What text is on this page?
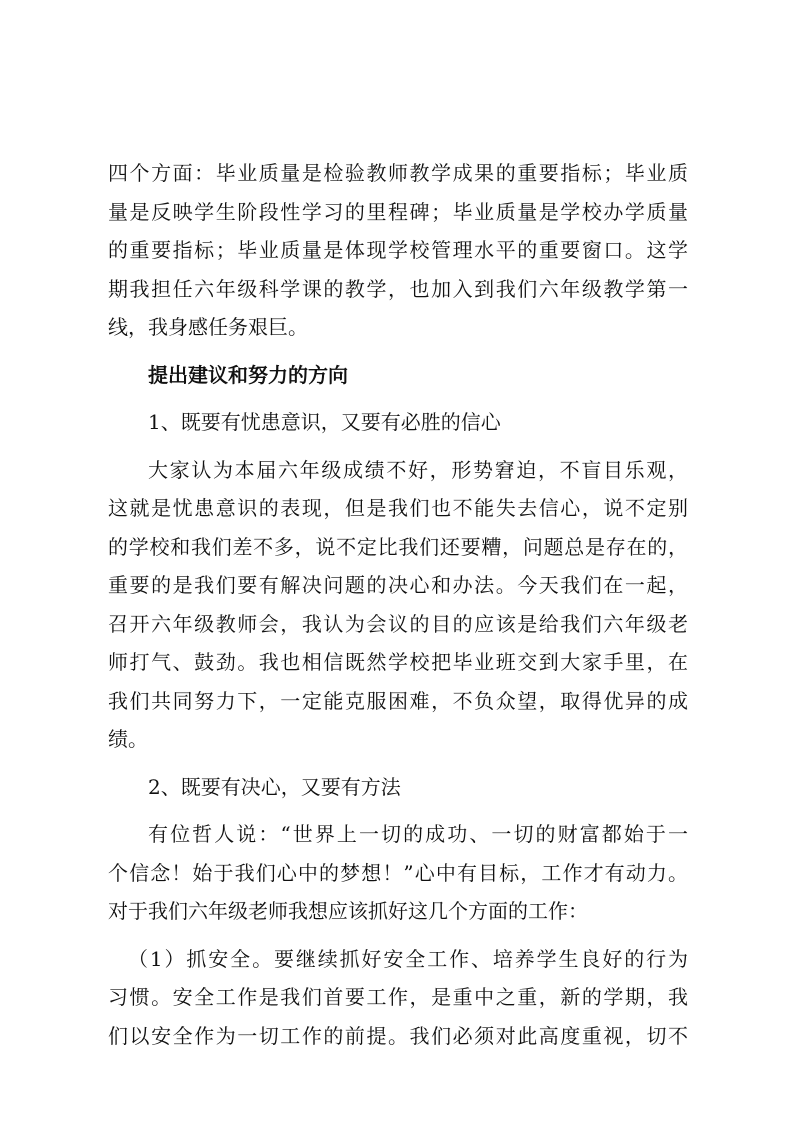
四个方面：毕业质量是检验教师教学成果的重要指标；毕业质
量是反映学生阶段性学习的里程碑；毕业质量是学校办学质量
的重要指标；毕业质量是体现学校管理水平的重要窗口。这学
期我担任六年级科学课的教学，也加入到我们六年级教学第一
线，我身感任务艰巨。
提出建议和努力的方向
1、既要有忧患意识，又要有必胜的信心
大家认为本届六年级成绩不好，形势窘迫，不盲目乐观，
这就是忧患意识的表现，但是我们也不能失去信心，说不定别
的学校和我们差不多，说不定比我们还要糟，问题总是存在的，
重要的是我们要有解决问题的决心和办法。今天我们在一起，
召开六年级教师会，我认为会议的目的应该是给我们六年级老
师打气、鼓劲。我也相信既然学校把毕业班交到大家手里，在
我们共同努力下，一定能克服困难，不负众望，取得优异的成
绩。
2、既要有决心，又要有方法
有位哲人说：“世界上一切的成功、一切的财富都始于一
个信念！始于我们心中的梦想！”心中有目标，工作才有动力。
对于我们六年级老师我想应该抓好这几个方面的工作：
（1）抓安全。要继续抓好安全工作、培养学生良好的行为
习惯。安全工作是我们首要工作，是重中之重，新的学期，我
们以安全作为一切工作的前提。我们必须对此高度重视，切不
